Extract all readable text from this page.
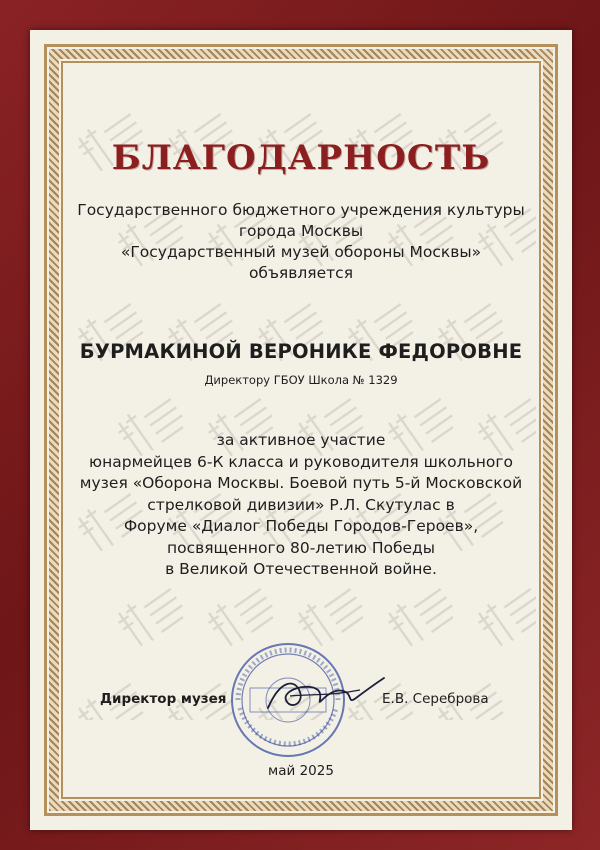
БЛАГОДАРНОСТЬ
Государственного бюджетного учреждения культуры
города Москвы
«Государственный музей обороны Москвы»
объявляется
БУРМАКИНОЙ ВЕРОНИКЕ ФЕДОРОВНЕ
Директору ГБОУ Школа № 1329
за активное участие
юнармейцев 6-К класса и руководителя школьного
музея «Оборона Москвы. Боевой путь 5-й Московской
стрелковой дивизии» Р.Л. Скутулас в
Форуме «Диалог Победы Городов-Героев»,
посвященного 80-летию Победы
в Великой Отечественной войне.
Директор музея	Е.В. Сереброва
май 2025
